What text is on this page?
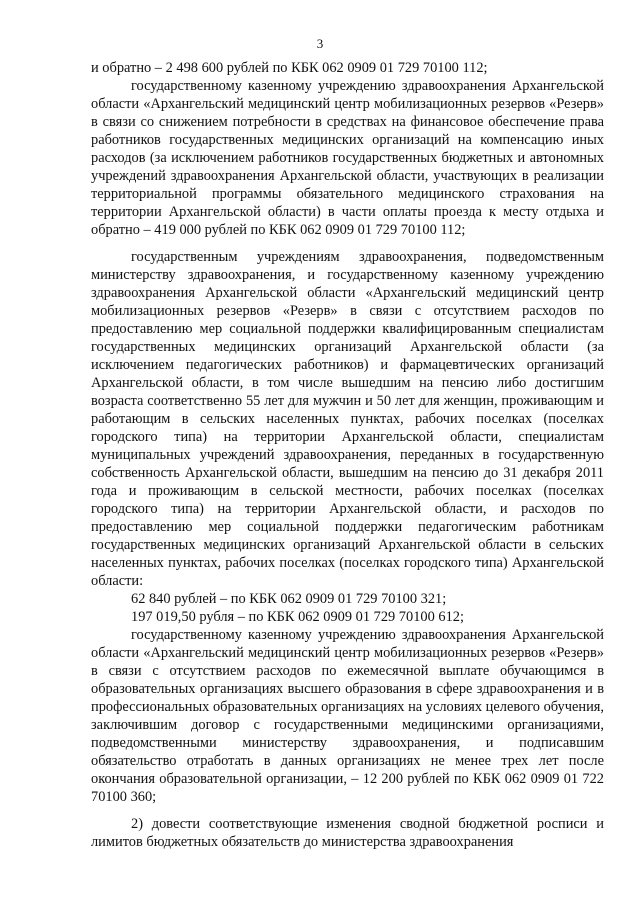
3

и обратно – 2 498 600 рублей по КБК 062 0909 01 729 70100 112;

государственному казенному учреждению здравоохранения Архангельской области «Архангельский медицинский центр мобилизационных резервов «Резерв» в связи со снижением потребности в средствах на финансовое обеспечение права работников государственных медицинских организаций на компенсацию иных расходов (за исключением работников государственных бюджетных и автономных учреждений здравоохранения Архангельской области, участвующих в реализации территориальной программы обязательного медицинского страхования на территории Архангельской области) в части оплаты проезда к месту отдыха и обратно – 419 000 рублей по КБК 062 0909 01 729 70100 112;

государственным учреждениям здравоохранения, подведомственным министерству здравоохранения, и государственному казенному учреждению здравоохранения Архангельской области «Архангельский медицинский центр мобилизационных резервов «Резерв» в связи с отсутствием расходов по предоставлению мер социальной поддержки квалифицированным специалистам государственных медицинских организаций Архангельской области (за исключением педагогических работников) и фармацевтических организаций Архангельской области, в том числе вышедшим на пенсию либо достигшим возраста соответственно 55 лет для мужчин и 50 лет для женщин, проживающим и работающим в сельских населенных пунктах, рабочих поселках (поселках городского типа) на территории Архангельской области, специалистам муниципальных учреждений здравоохранения, переданных в государственную собственность Архангельской области, вышедшим на пенсию до 31 декабря 2011 года и проживающим в сельской местности, рабочих поселках (поселках городского типа) на территории Архангельской области, и расходов по предоставлению мер социальной поддержки педагогическим работникам государственных медицинских организаций Архангельской области в сельских населенных пунктах, рабочих поселках (поселках городского типа) Архангельской области:

62 840 рублей – по КБК 062 0909 01 729 70100 321;

197 019,50 рубля – по КБК 062 0909 01 729 70100 612;

государственному казенному учреждению здравоохранения Архангельской области «Архангельский медицинский центр мобилизационных резервов «Резерв» в связи с отсутствием расходов по ежемесячной выплате обучающимся в образовательных организациях высшего образования в сфере здравоохранения и в профессиональных образовательных организациях на условиях целевого обучения, заключившим договор с государственными медицинскими организациями, подведомственными министерству здравоохранения, и подписавшим обязательство отработать в данных организациях не менее трех лет после окончания образовательной организации, – 12 200 рублей по КБК 062 0909 01 722 70100 360;

2) довести соответствующие изменения сводной бюджетной росписи и лимитов бюджетных обязательств до министерства здравоохранения
